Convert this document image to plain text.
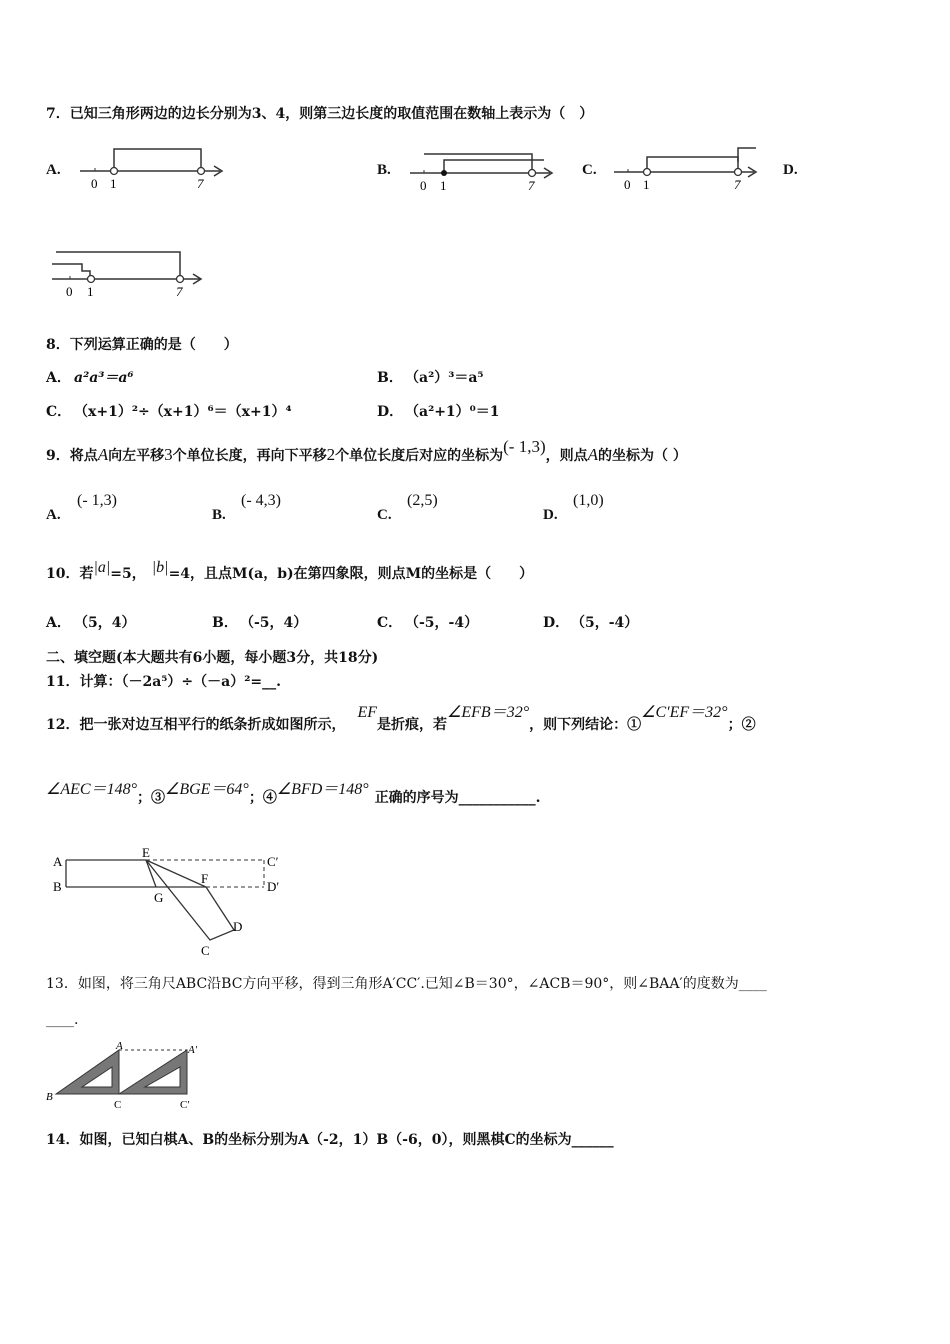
7．已知三角形两边的边长分别为3、4，则第三边长度的取值范围在数轴上表示为（　）
A.
0 1	7
B.
0 1	7
C.
0 1	7
D.
0 1	7
8．下列运算正确的是（　　）
A． a²a³＝a⁶	B． （a²）³＝a⁵
C． （x+1）²÷（x+1）⁶＝（x+1）⁴	D． （a²+1）⁰＝1
9．将点A向左平移3个单位长度，再向下平移2个单位长度后对应的坐标为(- 1,3)，则点A的坐标为（ ）
A.
(- 1,3)
B.
(- 4,3)
C.
(2,5)
D.
(1,0)
10．若|a|=5， |b|=4，且点M(a，b)在第四象限，则点M的坐标是（　　）
A． （5，4）	B． （-5，4）	C． （-5，-4）	D． （5，-4）
二、填空题(本大题共有6小题，每小题3分，共18分)
11．计算：（－2a⁵）÷（－a）²=__.
12．把一张对边互相平行的纸条折成如图所示，EF是折痕，若∠EFB＝32°，则下列结论：①∠C′EF＝32°；②
∠AEC＝148°；③∠BGE＝64°；④∠BFD＝148° 正确的序号为___________.
A
B
E
F
G
C
D
C′
D′
13．如图，将三角尺ABC沿BC方向平移，得到三角形A′CC′.已知∠B＝30°，∠ACB＝90°，则∠BAA′的度数为____
____.
A	A′
B
C	C′
14．如图，已知白棋A、B的坐标分别为A（-2，1）B（-6，0），则黑棋C的坐标为______
